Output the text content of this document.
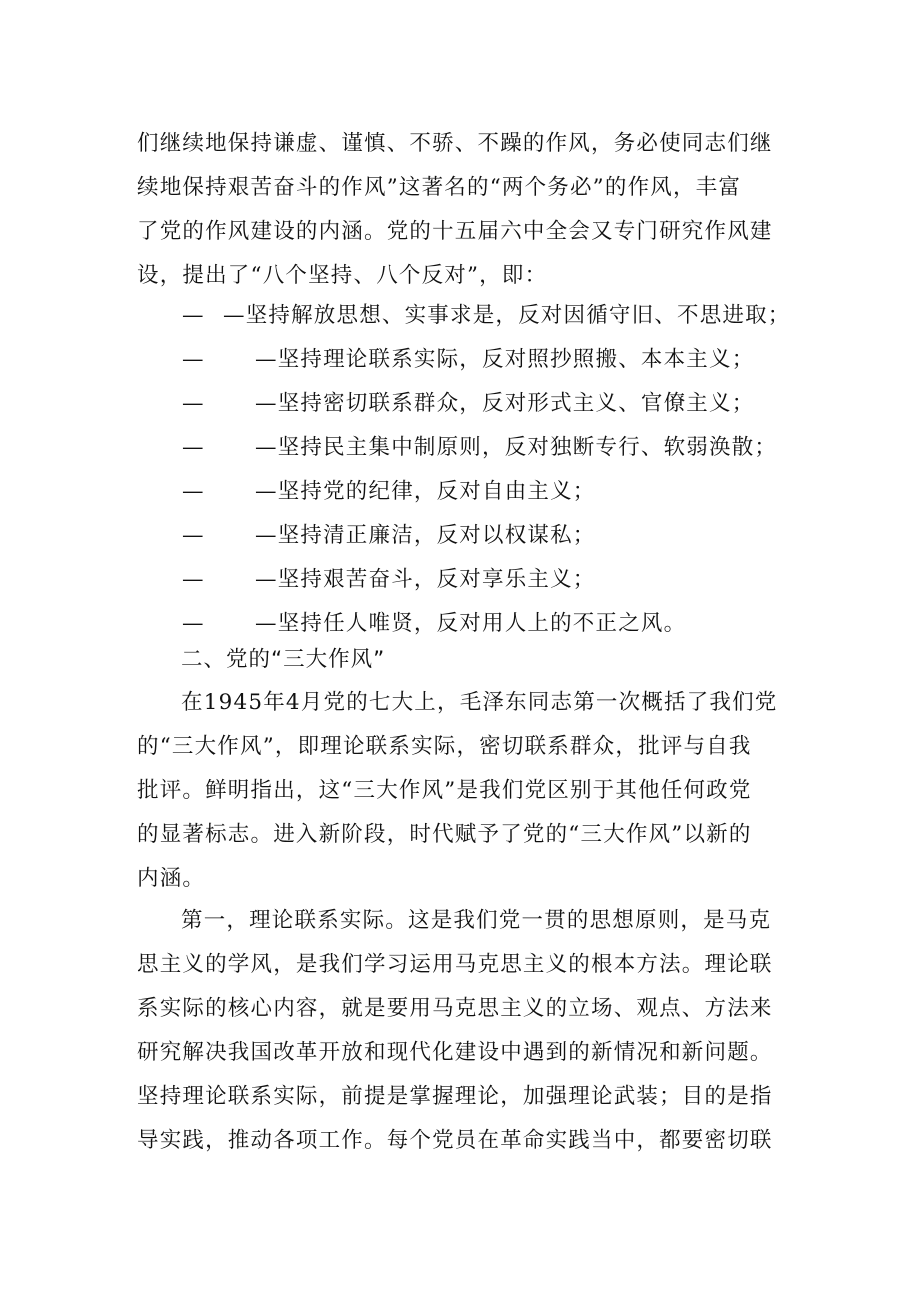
们继续地保持谦虚、谨慎、不骄、不躁的作风，务必使同志们继
续地保持艰苦奋斗的作风”这著名的“两个务必”的作风，丰富
了党的作风建设的内涵。党的十五届六中全会又专门研究作风建
设，提出了“八个坚持、八个反对”，即：
— —坚持解放思想、实事求是，反对因循守旧、不思进取；
— —坚持理论联系实际，反对照抄照搬、本本主义；
— —坚持密切联系群众，反对形式主义、官僚主义；
— —坚持民主集中制原则，反对独断专行、软弱涣散；
— —坚持党的纪律，反对自由主义；
— —坚持清正廉洁，反对以权谋私；
— —坚持艰苦奋斗，反对享乐主义；
— —坚持任人唯贤，反对用人上的不正之风。
二、党的“三大作风”
在1945年4月党的七大上，毛泽东同志第一次概括了我们党
的“三大作风”，即理论联系实际，密切联系群众，批评与自我
批评。鲜明指出，这“三大作风”是我们党区别于其他任何政党
的显著标志。进入新阶段，时代赋予了党的“三大作风”以新的
内涵。
第一，理论联系实际。这是我们党一贯的思想原则，是马克
思主义的学风，是我们学习运用马克思主义的根本方法。理论联
系实际的核心内容，就是要用马克思主义的立场、观点、方法来
研究解决我国改革开放和现代化建设中遇到的新情况和新问题。
坚持理论联系实际，前提是掌握理论，加强理论武装；目的是指
导实践，推动各项工作。每个党员在革命实践当中，都要密切联
